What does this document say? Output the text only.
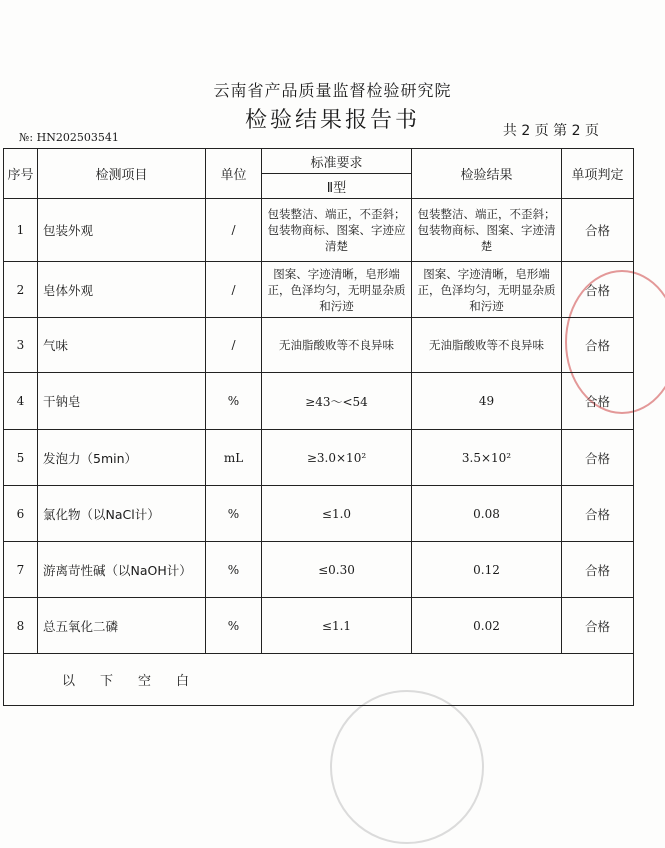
云南省产品质量监督检验研究院
检验结果报告书
№: HN202503541	共 2 页 第 2 页
序号	检测项目	单位	标准要求	检验结果	单项判定
			Ⅱ型		
1	包装外观	/	包装整洁、端正，不歪斜；包装物商标、图案、字迹应清楚	包装整洁、端正，不歪斜；包装物商标、图案、字迹清楚	合格
2	皂体外观	/	图案、字迹清晰，皂形端正，色泽均匀，无明显杂质和污迹	图案、字迹清晰，皂形端正，色泽均匀，无明显杂质和污迹	合格
3	气味	/	无油脂酸败等不良异味	无油脂酸败等不良异味	合格
4	干钠皂	%	≥43～<54	49	合格
5	发泡力（5min）	mL	≥3.0×10²	3.5×10²	合格
6	氯化物（以NaCl计）	%	≤1.0	0.08	合格
7	游离苛性碱（以NaOH计）	%	≤0.30	0.12	合格
8	总五氧化二磷	%	≤1.1	0.02	合格
以 下 空 白					
